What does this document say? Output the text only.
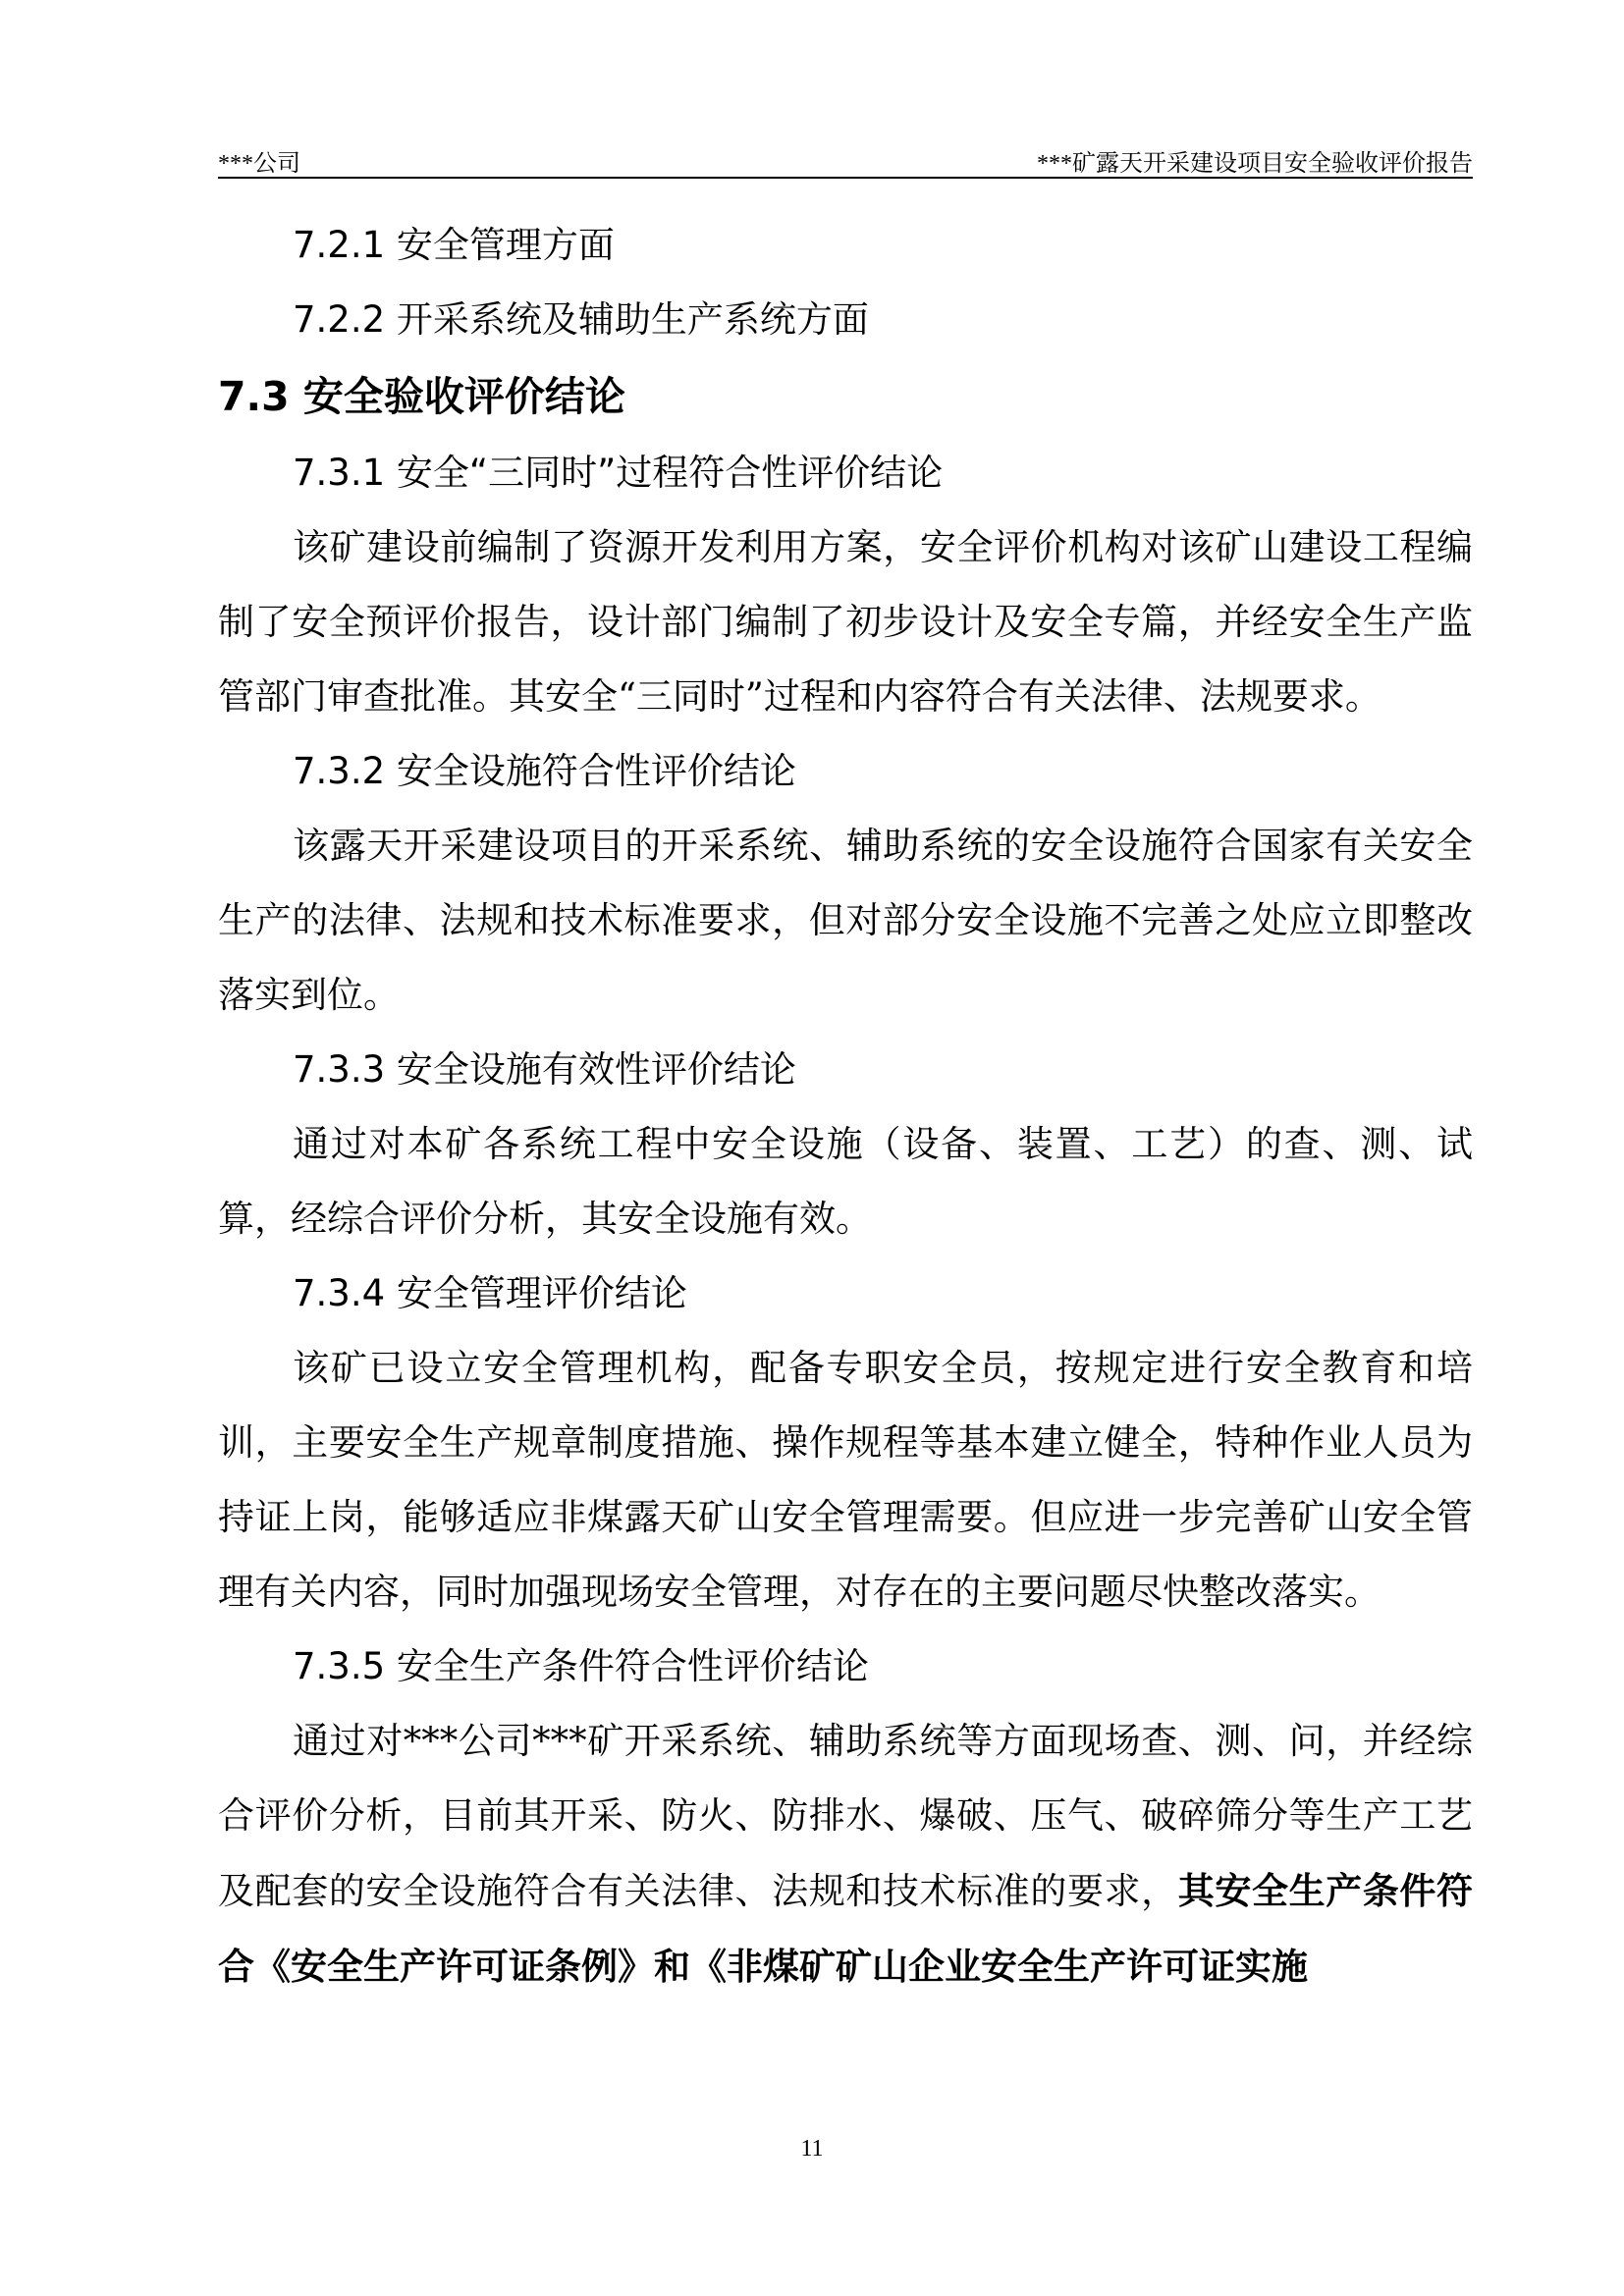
***公司	***矿露天开采建设项目安全验收评价报告
7.2.1 安全管理方面
7.2.2 开采系统及辅助生产系统方面
7.3 安全验收评价结论
7.3.1 安全“三同时”过程符合性评价结论

该矿建设前编制了资源开发利用方案，安全评价机构对该矿山建设工程编制了安全预评价报告，设计部门编制了初步设计及安全专篇，并经安全生产监管部门审查批准。其安全“三同时”过程和内容符合有关法律、法规要求。

7.3.2 安全设施符合性评价结论

该露天开采建设项目的开采系统、辅助系统的安全设施符合国家有关安全生产的法律、法规和技术标准要求，但对部分安全设施不完善之处应立即整改落实到位。

7.3.3 安全设施有效性评价结论

通过对本矿各系统工程中安全设施（设备、装置、工艺）的查、测、试算，经综合评价分析，其安全设施有效。

7.3.4 安全管理评价结论

该矿已设立安全管理机构，配备专职安全员，按规定进行安全教育和培训，主要安全生产规章制度措施、操作规程等基本建立健全，特种作业人员为持证上岗，能够适应非煤露天矿山安全管理需要。但应进一步完善矿山安全管理有关内容，同时加强现场安全管理，对存在的主要问题尽快整改落实。

7.3.5 安全生产条件符合性评价结论

通过对***公司***矿开采系统、辅助系统等方面现场查、测、问，并经综合评价分析，目前其开采、防火、防排水、爆破、压气、破碎筛分等生产工艺及配套的安全设施符合有关法律、法规和技术标准的要求，其安全生产条件符合《安全生产许可证条例》和《非煤矿矿山企业安全生产许可证实施

11
